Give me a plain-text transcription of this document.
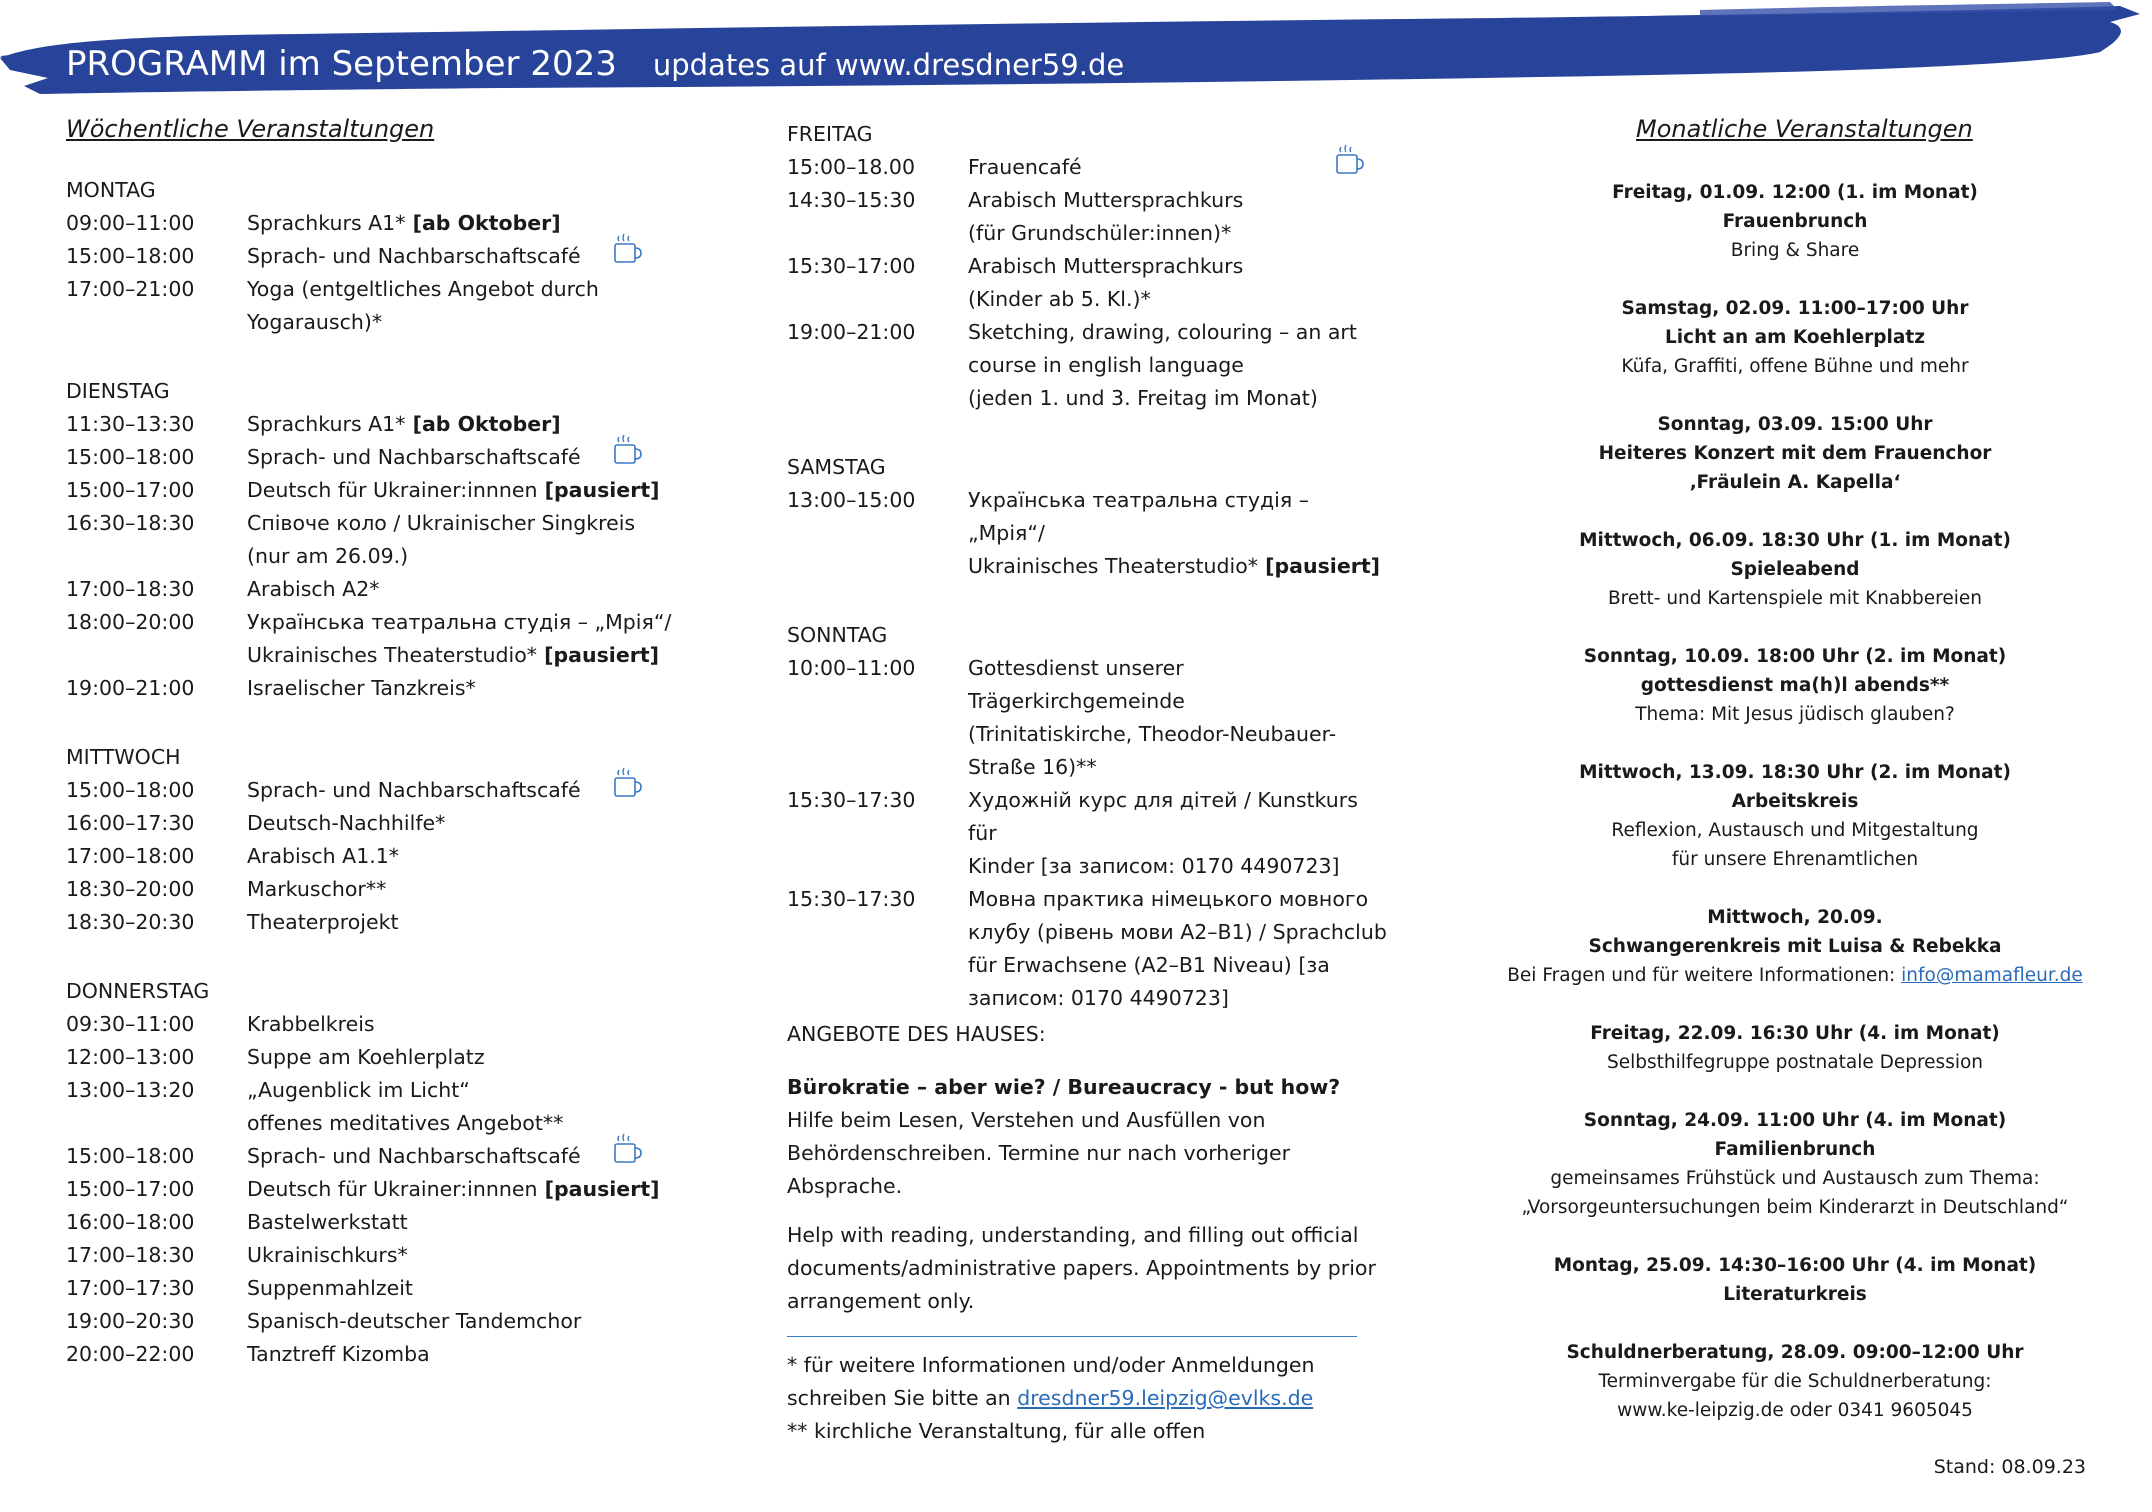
PROGRAMM im September 2023 updates auf www.dresdner59.de
Wöchentliche Veranstaltungen
MONTAG
09:00–11:00	Sprachkurs A1* [ab Oktober]
15:00–18:00	Sprach- und Nachbarschaftscafé
17:00–21:00	Yoga (entgeltliches Angebot durch
Yogarausch)*
DIENSTAG
11:30–13:30	Sprachkurs A1* [ab Oktober]
15:00–18:00	Sprach- und Nachbarschaftscafé
15:00–17:00	Deutsch für Ukrainer:innnen [pausiert]
16:30–18:30	Співоче коло / Ukrainischer Singkreis
(nur am 26.09.)
17:00–18:30	Arabisch A2*
18:00–20:00	Українська театральна студія – „Мрія“/
Ukrainisches Theaterstudio* [pausiert]
19:00–21:00	Israelischer Tanzkreis*
MITTWOCH
15:00–18:00	Sprach- und Nachbarschaftscafé
16:00–17:30	Deutsch-Nachhilfe*
17:00–18:00	Arabisch A1.1*
18:30–20:00	Markuschor**
18:30–20:30	Theaterprojekt
DONNERSTAG
09:30–11:00	Krabbelkreis
12:00–13:00	Suppe am Koehlerplatz
13:00–13:20	„Augenblick im Licht“
offenes meditatives Angebot**
15:00–18:00	Sprach- und Nachbarschaftscafé
15:00–17:00	Deutsch für Ukrainer:innnen [pausiert]
16:00–18:00	Bastelwerkstatt
17:00–18:30	Ukrainischkurs*
17:00–17:30	Suppenmahlzeit
19:00–20:30	Spanisch-deutscher Tandemchor
20:00–22:00	Tanztreff Kizomba
FREITAG
15:00–18.00	Frauencafé
14:30–15:30	Arabisch Muttersprachkurs
(für Grundschüler:innen)*
15:30–17:00	Arabisch Muttersprachkurs
(Kinder ab 5. Kl.)*
19:00–21:00	Sketching, drawing, colouring – an art
course in english language
(jeden 1. und 3. Freitag im Monat)
SAMSTAG
13:00–15:00	Українська театральна студія – „Мрія“/
Ukrainisches Theaterstudio* [pausiert]
SONNTAG
10:00–11:00	Gottesdienst unserer
Trägerkirchgemeinde
(Trinitatiskirche, Theodor-Neubauer-
Straße 16)**
15:30–17:30	Художній курс для дітей / Kunstkurs für
Kinder [за записом: 0170 4490723]
15:30–17:30	Мовна практика німецького мовного
клубу (рівень мови А2–В1) / Sprachclub
für Erwachsene (A2–B1 Niveau) [за
записом: 0170 4490723]
ANGEBOTE DES HAUSES:
Bürokratie – aber wie? / Bureaucracy - but how?
Hilfe beim Lesen, Verstehen und Ausfüllen von
Behördenschreiben. Termine nur nach vorheriger Absprache.
Help with reading, understanding, and filling out official
documents/administrative papers. Appointments by prior
arrangement only.
* für weitere Informationen und/oder Anmeldungen
schreiben Sie bitte an dresdner59.leipzig@evlks.de
** kirchliche Veranstaltung, für alle offen
Monatliche Veranstaltungen
Freitag, 01.09. 12:00 (1. im Monat)
Frauenbrunch
Bring & Share
Samstag, 02.09. 11:00–17:00 Uhr
Licht an am Koehlerplatz
Küfa, Graffiti, offene Bühne und mehr
Sonntag, 03.09. 15:00 Uhr
Heiteres Konzert mit dem Frauenchor
‚Fräulein A. Kapella‘
Mittwoch, 06.09. 18:30 Uhr (1. im Monat)
Spieleabend
Brett- und Kartenspiele mit Knabbereien
Sonntag, 10.09. 18:00 Uhr (2. im Monat)
gottesdienst ma(h)l abends**
Thema: Mit Jesus jüdisch glauben?
Mittwoch, 13.09. 18:30 Uhr (2. im Monat)
Arbeitskreis
Reflexion, Austausch und Mitgestaltung
für unsere Ehrenamtlichen
Mittwoch, 20.09.
Schwangerenkreis mit Luisa & Rebekka
Bei Fragen und für weitere Informationen: info@mamafleur.de
Freitag, 22.09. 16:30 Uhr (4. im Monat)
Selbsthilfegruppe postnatale Depression
Sonntag, 24.09. 11:00 Uhr (4. im Monat)
Familienbrunch
gemeinsames Frühstück und Austausch zum Thema:
„Vorsorgeuntersuchungen beim Kinderarzt in Deutschland“
Montag, 25.09. 14:30–16:00 Uhr (4. im Monat)
Literaturkreis
Schuldnerberatung, 28.09. 09:00–12:00 Uhr
Terminvergabe für die Schuldnerberatung:
www.ke-leipzig.de oder 0341 9605045
Stand: 08.09.23
